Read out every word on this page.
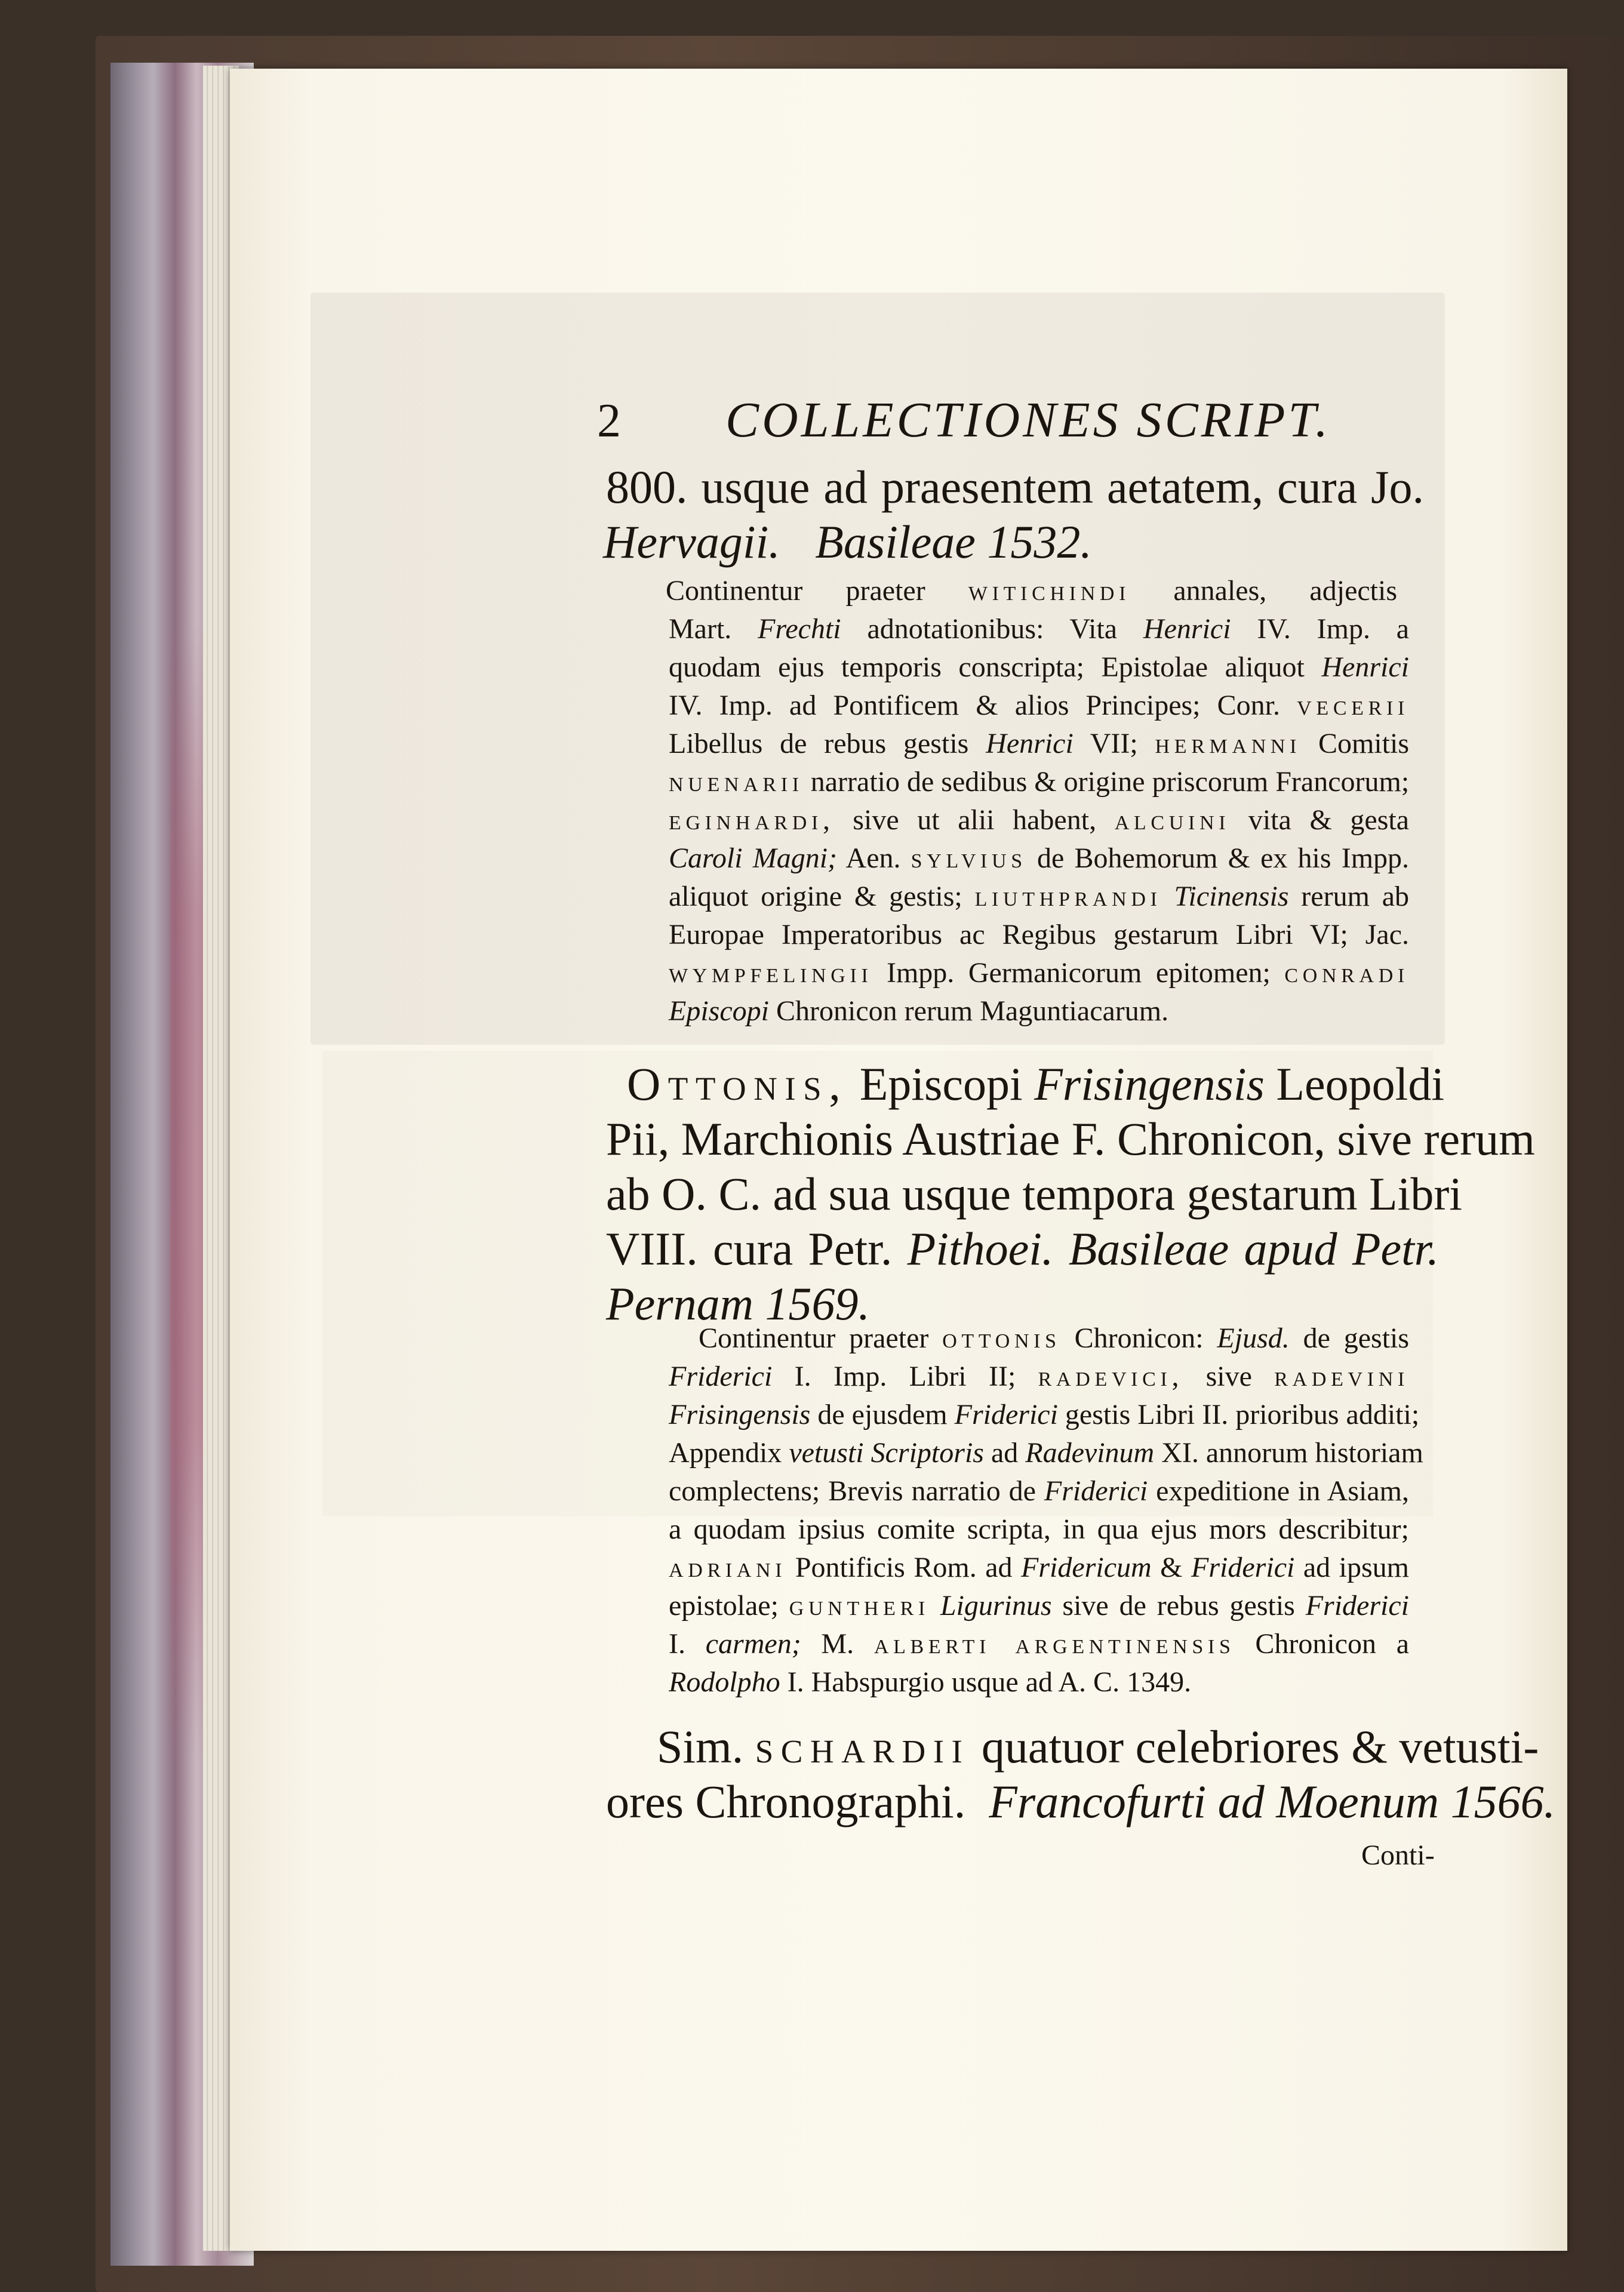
2 COLLECTIONES SCRIPT.
800. usque ad praesentem aetatem, cura Jo.
Hervagii. Basileae 1532.
Continentur praeter witichindi annales, adjectis
Mart. Frechti adnotationibus: Vita Henrici IV. Imp. a
quodam ejus temporis conscripta; Epistolae aliquot Henrici
IV. Imp. ad Pontificem & alios Principes; Conr. vecerii
Libellus de rebus gestis Henrici VII; hermanni Comitis
nuenarii narratio de sedibus & origine priscorum Francorum;
eginhardi, sive ut alii habent, alcuini vita & gesta
Caroli Magni; Aen. sylvius de Bohemorum & ex his Impp.
aliquot origine & gestis; liuthprandi Ticinensis rerum ab
Europae Imperatoribus ac Regibus gestarum Libri VI; Jac.
wympfelingii Impp. Germanicorum epitomen; conradi
Episcopi Chronicon rerum Maguntiacarum.
Ottonis, Episcopi Frisingensis Leopoldi
Pii, Marchionis Austriae F. Chronicon, sive rerum
ab O. C. ad sua usque tempora gestarum Libri
VIII. cura Petr. Pithoei. Basileae apud Petr.
Pernam 1569.
Continentur praeter ottonis Chronicon: Ejusd. de gestis
Friderici I. Imp. Libri II; radevici, sive radevini
Frisingensis de ejusdem Friderici gestis Libri II. prioribus additi;
Appendix vetusti Scriptoris ad Radevinum XI. annorum historiam
complectens; Brevis narratio de Friderici expeditione in Asiam,
a quodam ipsius comite scripta, in qua ejus mors describitur;
adriani Pontificis Rom. ad Fridericum & Friderici ad ipsum
epistolae; guntheri Ligurinus sive de rebus gestis Friderici
I. carmen; M. alberti argentinensis Chronicon a
Rodolpho I. Habspurgio usque ad A. C. 1349.
Sim. schardii quatuor celebriores & vetusti-
ores Chronographi. Francofurti ad Moenum 1566.
Conti-
